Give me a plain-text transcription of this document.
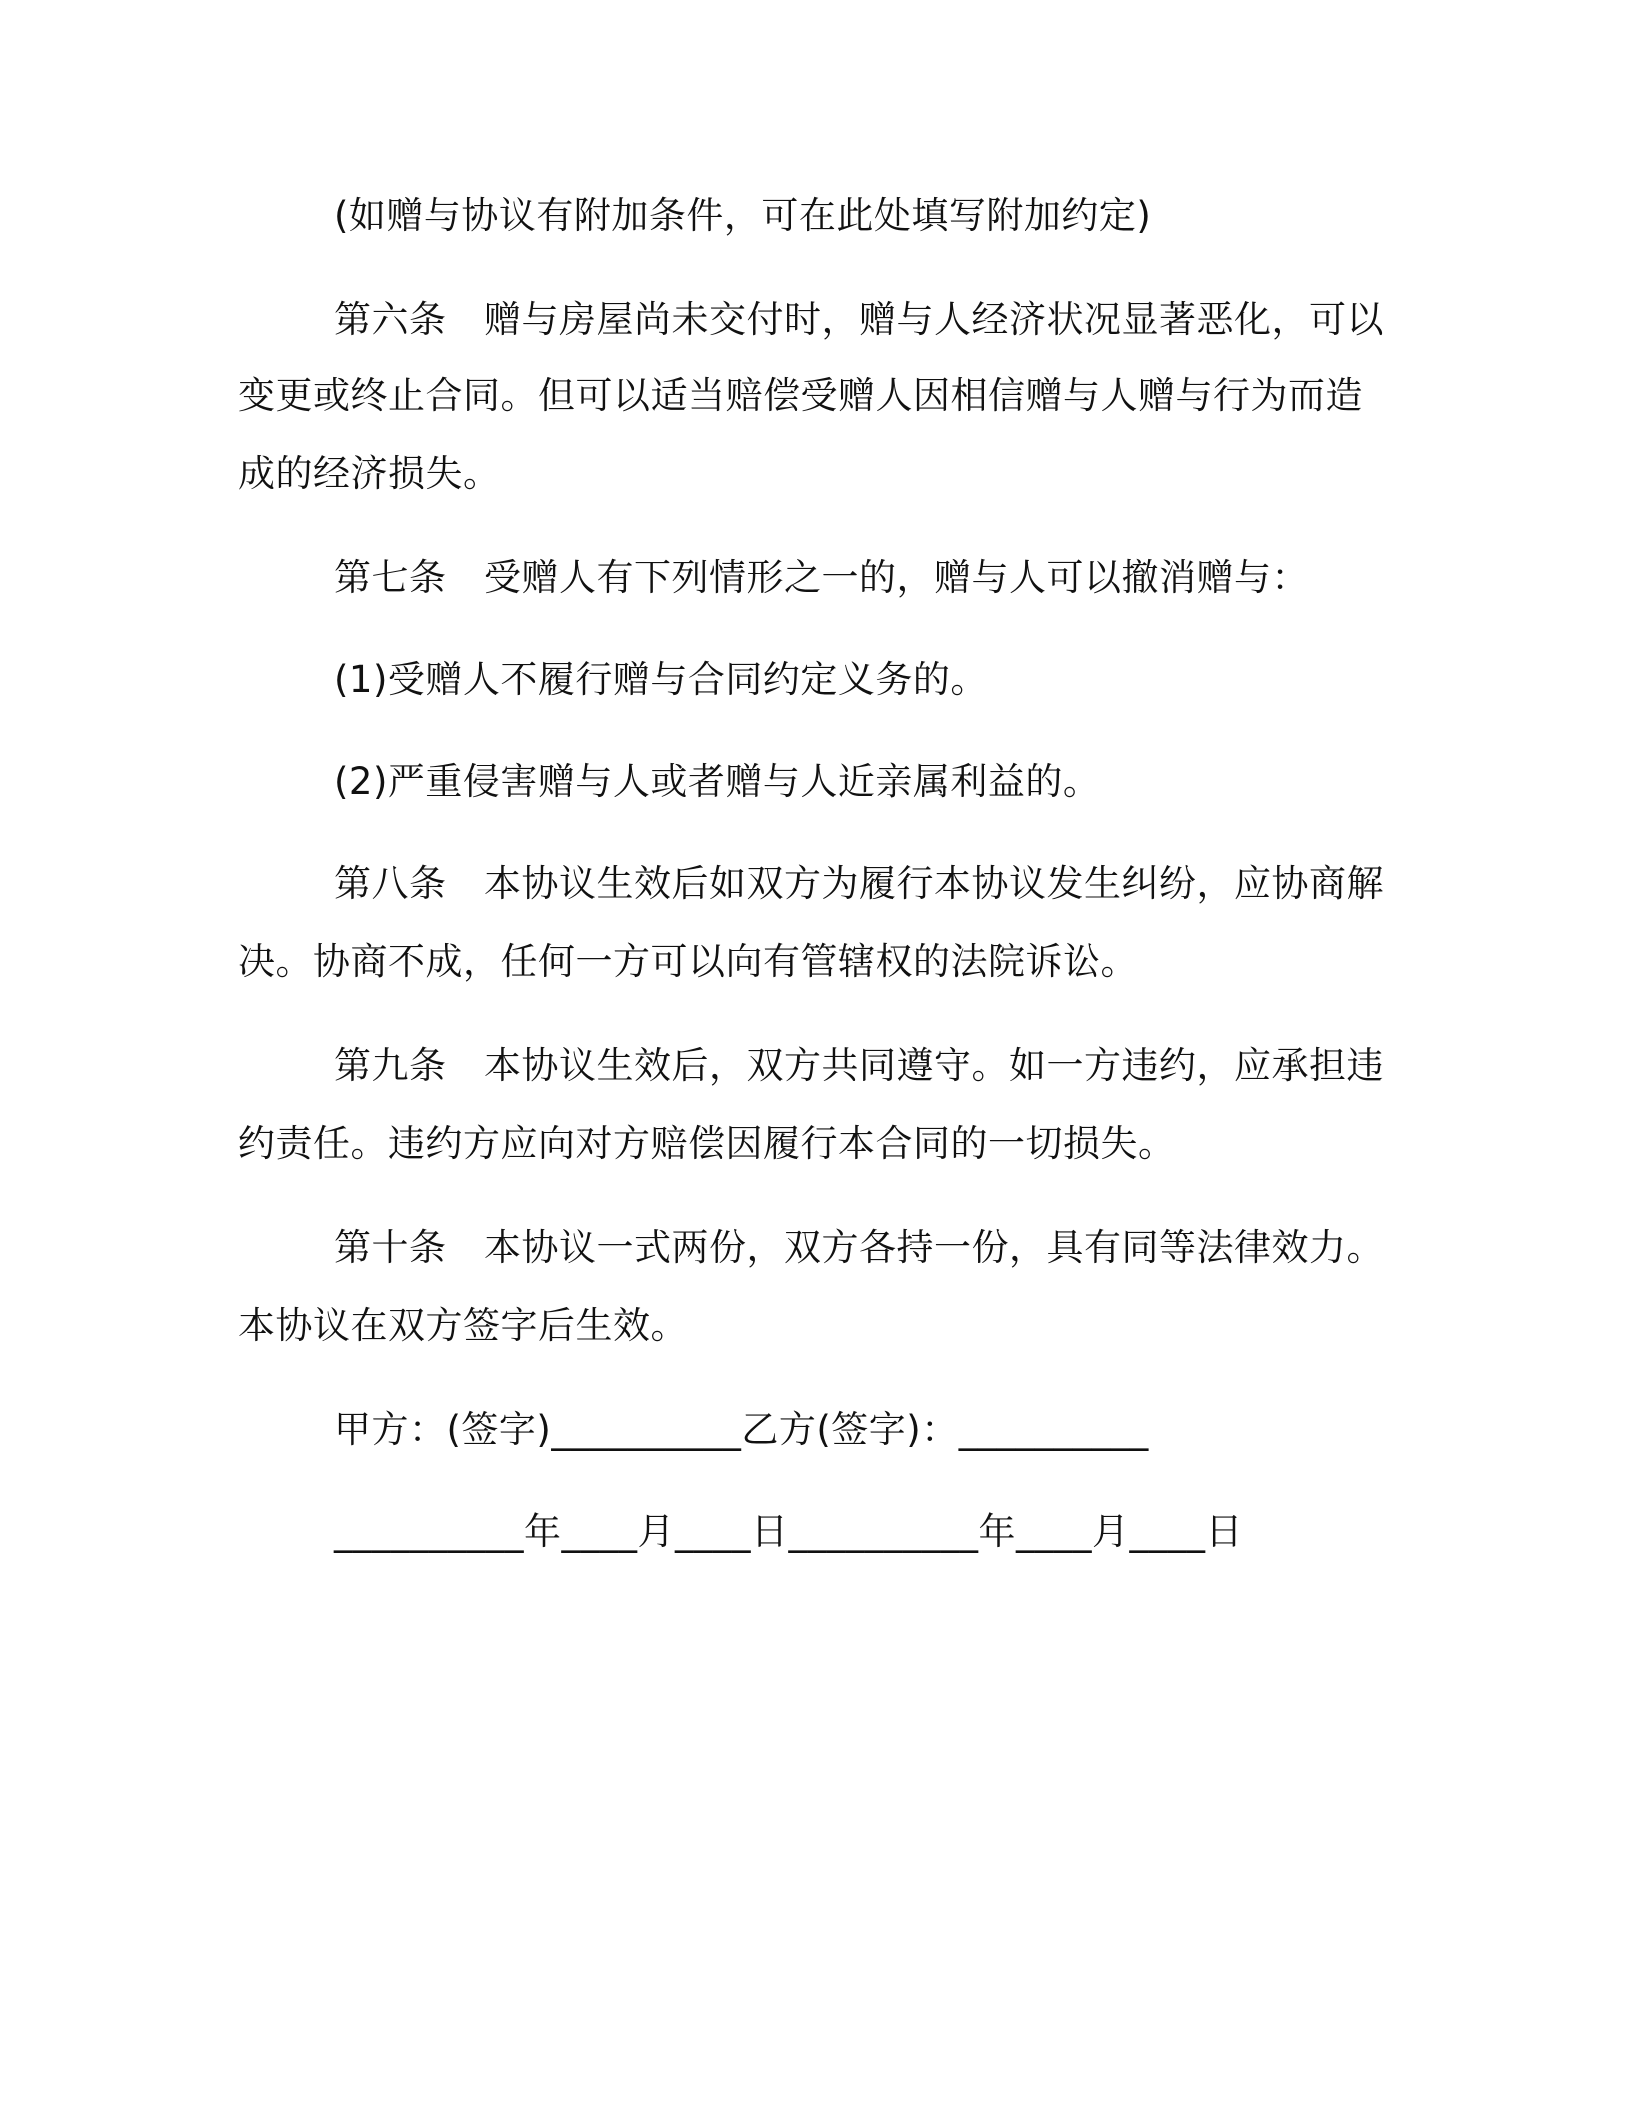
(如赠与协议有附加条件，可在此处填写附加约定)
第六条　赠与房屋尚未交付时，赠与人经济状况显著恶化，可以
变更或终止合同。但可以适当赔偿受赠人因相信赠与人赠与行为而造
成的经济损失。
第七条　受赠人有下列情形之一的，赠与人可以撤消赠与：
(1)受赠人不履行赠与合同约定义务的。
(2)严重侵害赠与人或者赠与人近亲属利益的。
第八条　本协议生效后如双方为履行本协议发生纠纷，应协商解
决。协商不成，任何一方可以向有管辖权的法院诉讼。
第九条　本协议生效后，双方共同遵守。如一方违约，应承担违
约责任。违约方应向对方赔偿因履行本合同的一切损失。
第十条　本协议一式两份，双方各持一份，具有同等法律效力。
本协议在双方签字后生效。
甲方：(签字)__________乙方(签字)：__________
__________年____月____日__________年____月____日
